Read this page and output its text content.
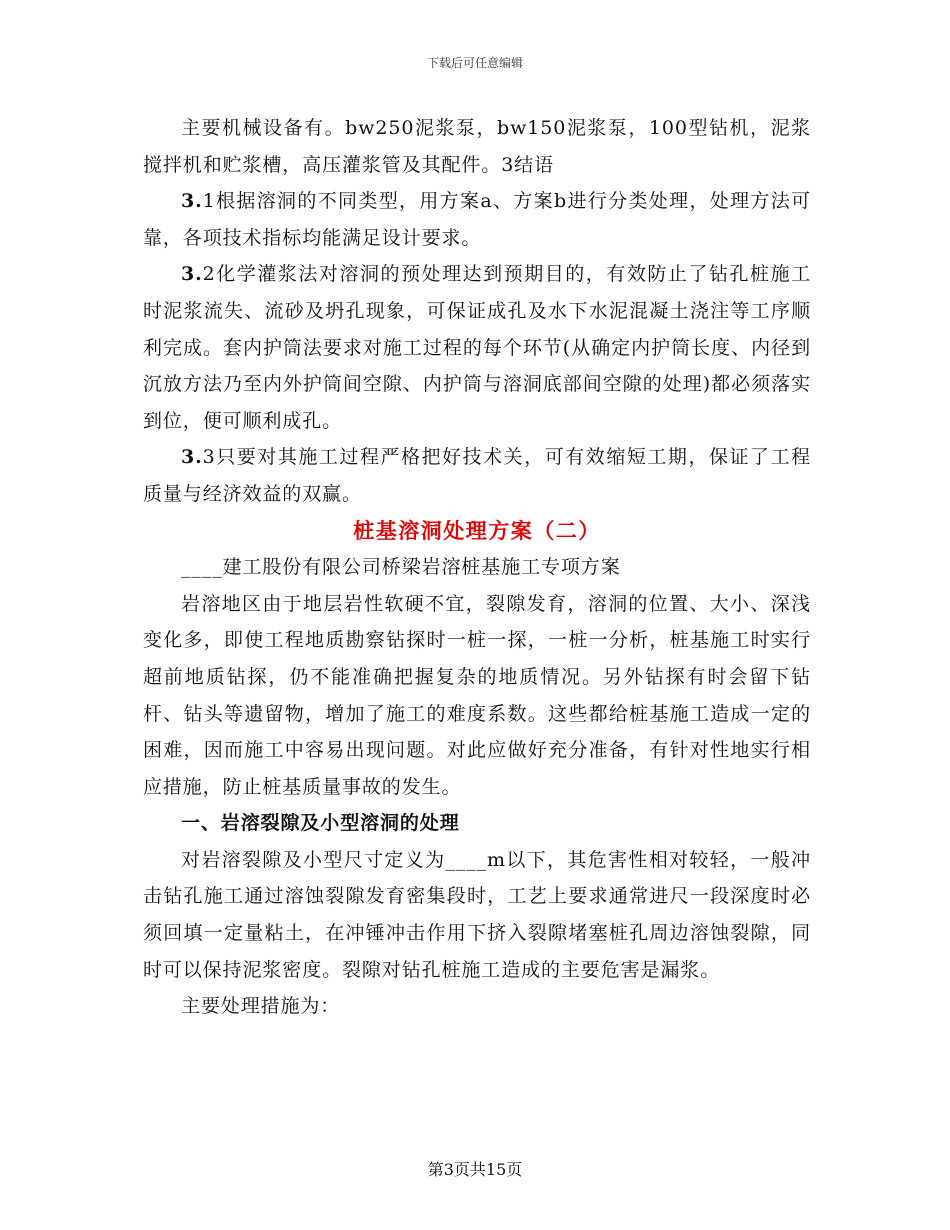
下载后可任意编辑

主要机械设备有。bw250泥浆泵，bw150泥浆泵，100型钻机，泥浆搅拌机和贮浆槽，高压灌浆管及其配件。3结语

3.1根据溶洞的不同类型，用方案a、方案b进行分类处理，处理方法可靠，各项技术指标均能满足设计要求。

3.2化学灌浆法对溶洞的预处理达到预期目的，有效防止了钻孔桩施工时泥浆流失、流砂及坍孔现象，可保证成孔及水下水泥混凝土浇注等工序顺利完成。套内护筒法要求对施工过程的每个环节(从确定内护筒长度、内径到沉放方法乃至内外护筒间空隙、内护筒与溶洞底部间空隙的处理)都必须落实到位，便可顺利成孔。

3.3只要对其施工过程严格把好技术关，可有效缩短工期，保证了工程质量与经济效益的双赢。

桩基溶洞处理方案（二）

____建工股份有限公司桥梁岩溶桩基施工专项方案

岩溶地区由于地层岩性软硬不宜，裂隙发育，溶洞的位置、大小、深浅变化多，即使工程地质勘察钻探时一桩一探，一桩一分析，桩基施工时实行超前地质钻探，仍不能准确把握复杂的地质情况。另外钻探有时会留下钻杆、钻头等遗留物，增加了施工的难度系数。这些都给桩基施工造成一定的困难，因而施工中容易出现问题。对此应做好充分准备，有针对性地实行相应措施，防止桩基质量事故的发生。

一、岩溶裂隙及小型溶洞的处理

对岩溶裂隙及小型尺寸定义为____m以下，其危害性相对较轻，一般冲击钻孔施工通过溶蚀裂隙发育密集段时，工艺上要求通常进尺一段深度时必须回填一定量粘土，在冲锤冲击作用下挤入裂隙堵塞桩孔周边溶蚀裂隙，同时可以保持泥浆密度。裂隙对钻孔桩施工造成的主要危害是漏浆。

主要处理措施为：

第3页共15页
